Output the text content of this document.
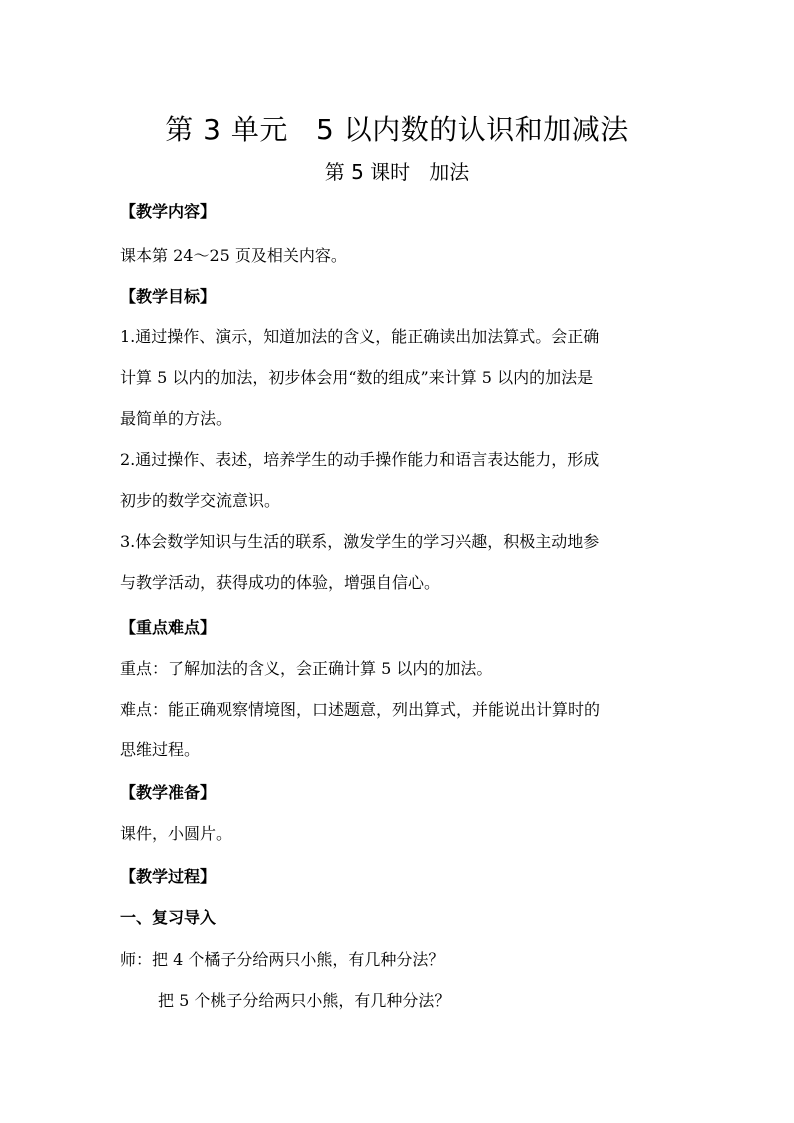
第 3 单元   5 以内数的认识和加减法
第 5 课时   加法
【教学内容】
课本第 24～25 页及相关内容。
【教学目标】
1.通过操作、演示，知道加法的含义，能正确读出加法算式。会正确
计算 5 以内的加法，初步体会用“数的组成”来计算 5 以内的加法是
最简单的方法。
2.通过操作、表述，培养学生的动手操作能力和语言表达能力，形成
初步的数学交流意识。
3.体会数学知识与生活的联系，激发学生的学习兴趣，积极主动地参
与教学活动，获得成功的体验，增强自信心。
【重点难点】
重点：了解加法的含义，会正确计算 5 以内的加法。
难点：能正确观察情境图，口述题意，列出算式，并能说出计算时的
思维过程。
【教学准备】
课件，小圆片。
【教学过程】
一、复习导入
师：把 4 个橘子分给两只小熊，有几种分法？
把 5 个桃子分给两只小熊，有几种分法？
